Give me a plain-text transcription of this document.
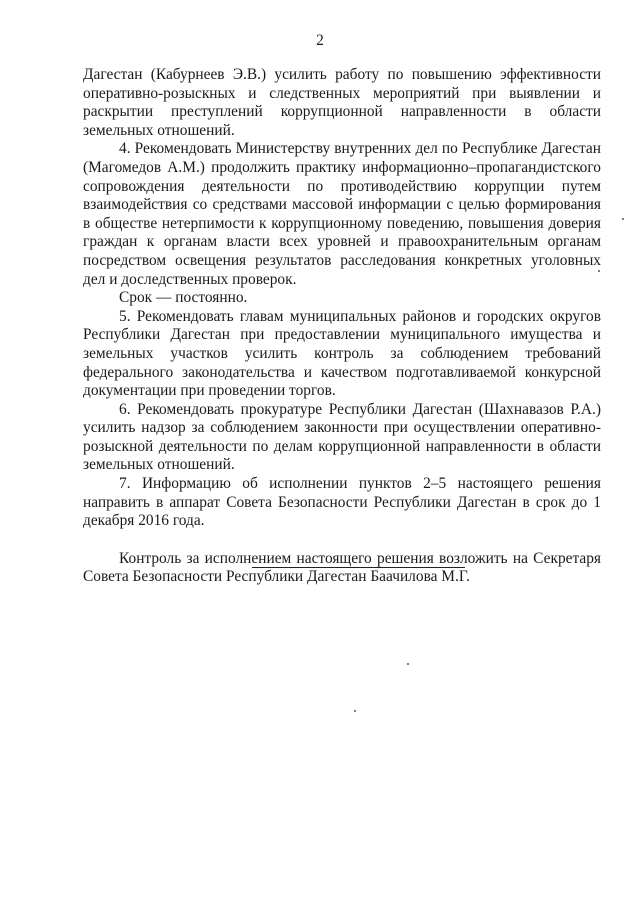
2

Дагестан (Кабурнеев Э.В.) усилить работу по повышению эффективности оперативно-розыскных и следственных мероприятий при выявлении и раскрытии преступлений коррупционной направленности в области земельных отношений.

4. Рекомендовать Министерству внутренних дел по Республике Дагестан (Магомедов А.М.) продолжить практику информационно–пропагандистского сопровождения деятельности по противодействию коррупции путем взаимодействия со средствами массовой информации с целью формирования в обществе нетерпимости к коррупционному поведению, повышения доверия граждан к органам власти всех уровней и правоохранительным органам посредством освещения результатов расследования конкретных уголовных дел и доследственных проверок.

Срок — постоянно.

5. Рекомендовать главам муниципальных районов и городских округов Республики Дагестан при предоставлении муниципального имущества и земельных участков усилить контроль за соблюдением требований федерального законодательства и качеством подготавливаемой конкурсной документации при проведении торгов.

6. Рекомендовать прокуратуре Республики Дагестан (Шахнавазов Р.А.) усилить надзор за соблюдением законности при осуществлении оперативно-розыскной деятельности по делам коррупционной направленности в области земельных отношений.

7. Информацию об исполнении пунктов 2–5 настоящего решения направить в аппарат Совета Безопасности Республики Дагестан в срок до 1 декабря 2016 года.

Контроль за исполнением настоящего решения возложить на Секретаря Совета Безопасности Республики Дагестан Баачилова М.Г.
